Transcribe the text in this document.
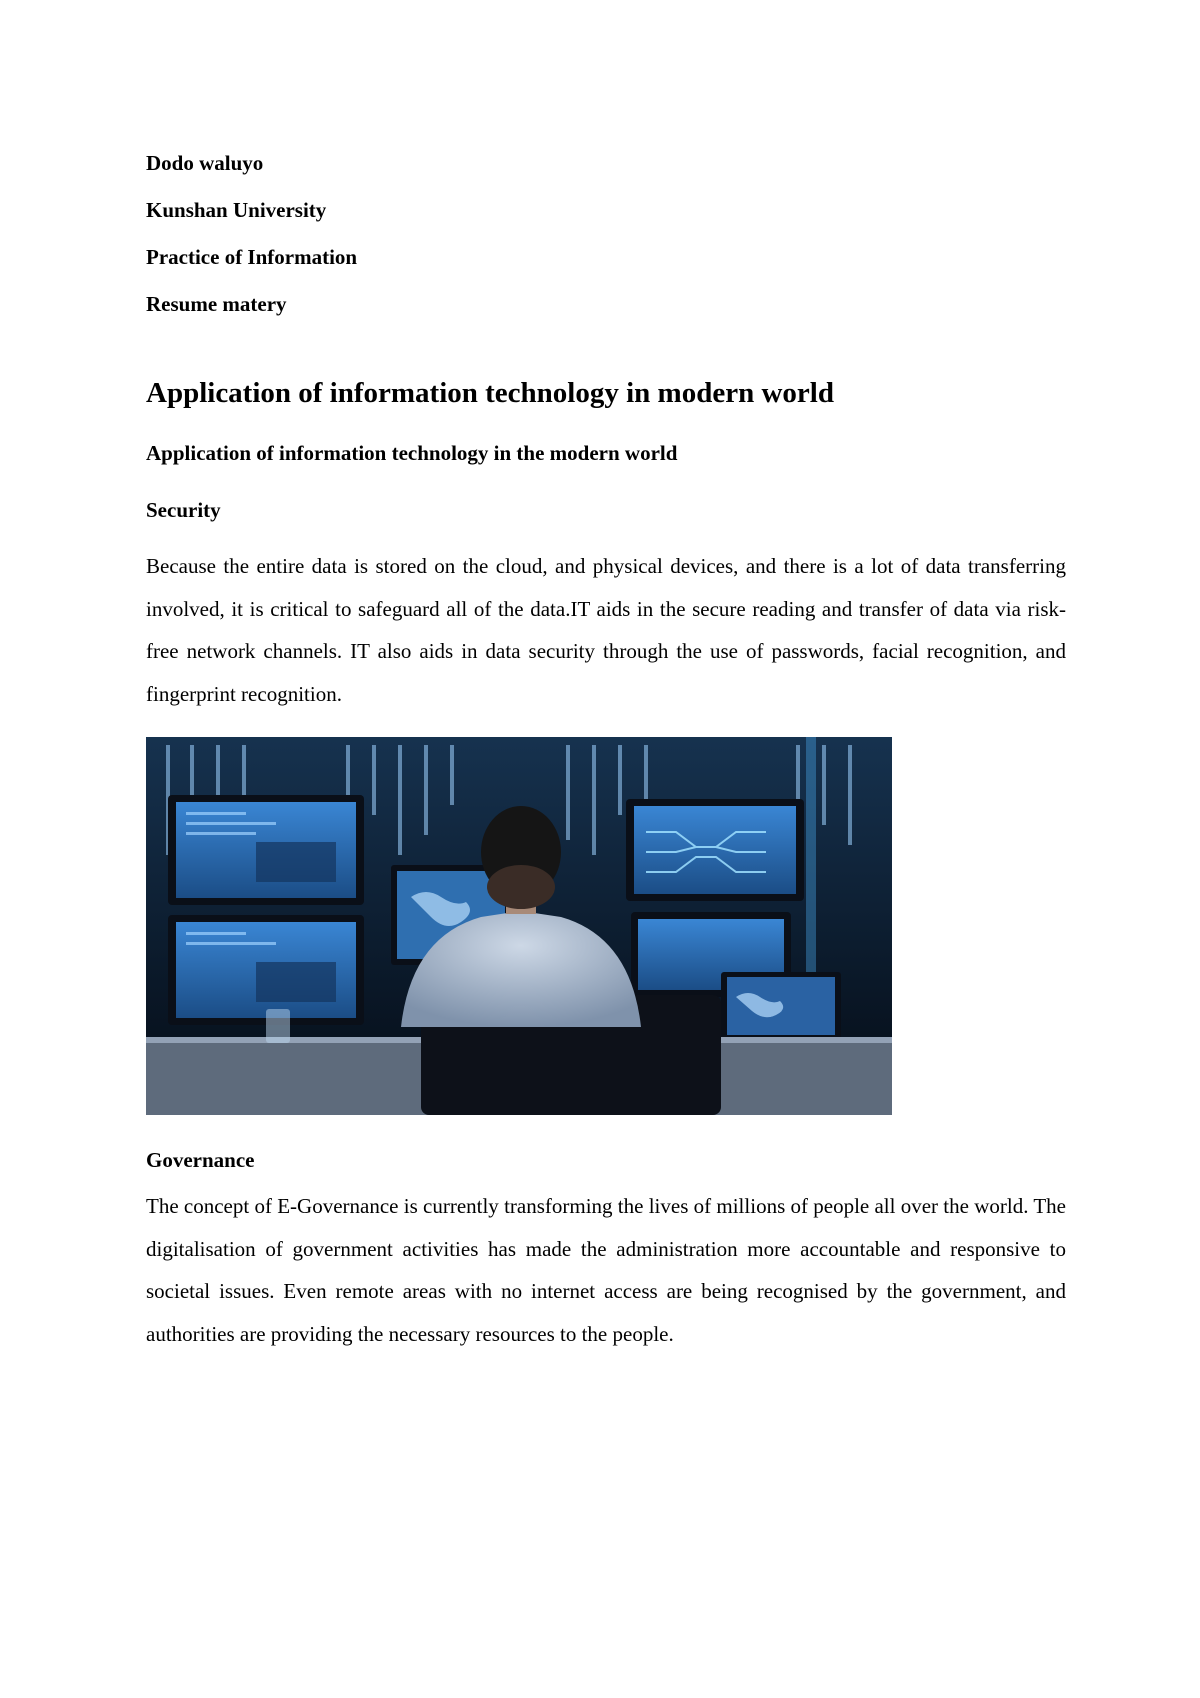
Dodo waluyo

Kunshan University

Practice of Information

Resume matery

Application of information technology in modern world
Application of information technology in the modern world
Security

Because the entire data is stored on the cloud, and physical devices, and there is a lot of data transferring involved, it is critical to safeguard all of the data.IT aids in the secure reading and transfer of data via risk-free network channels. IT also aids in data security through the use of passwords, facial recognition, and fingerprint recognition.

Governance

The concept of E-Governance is currently transforming the lives of millions of people all over the world. The digitalisation of government activities has made the administration more accountable and responsive to societal issues. Even remote areas with no internet access are being recognised by the government, and authorities are providing the necessary resources to the people.
